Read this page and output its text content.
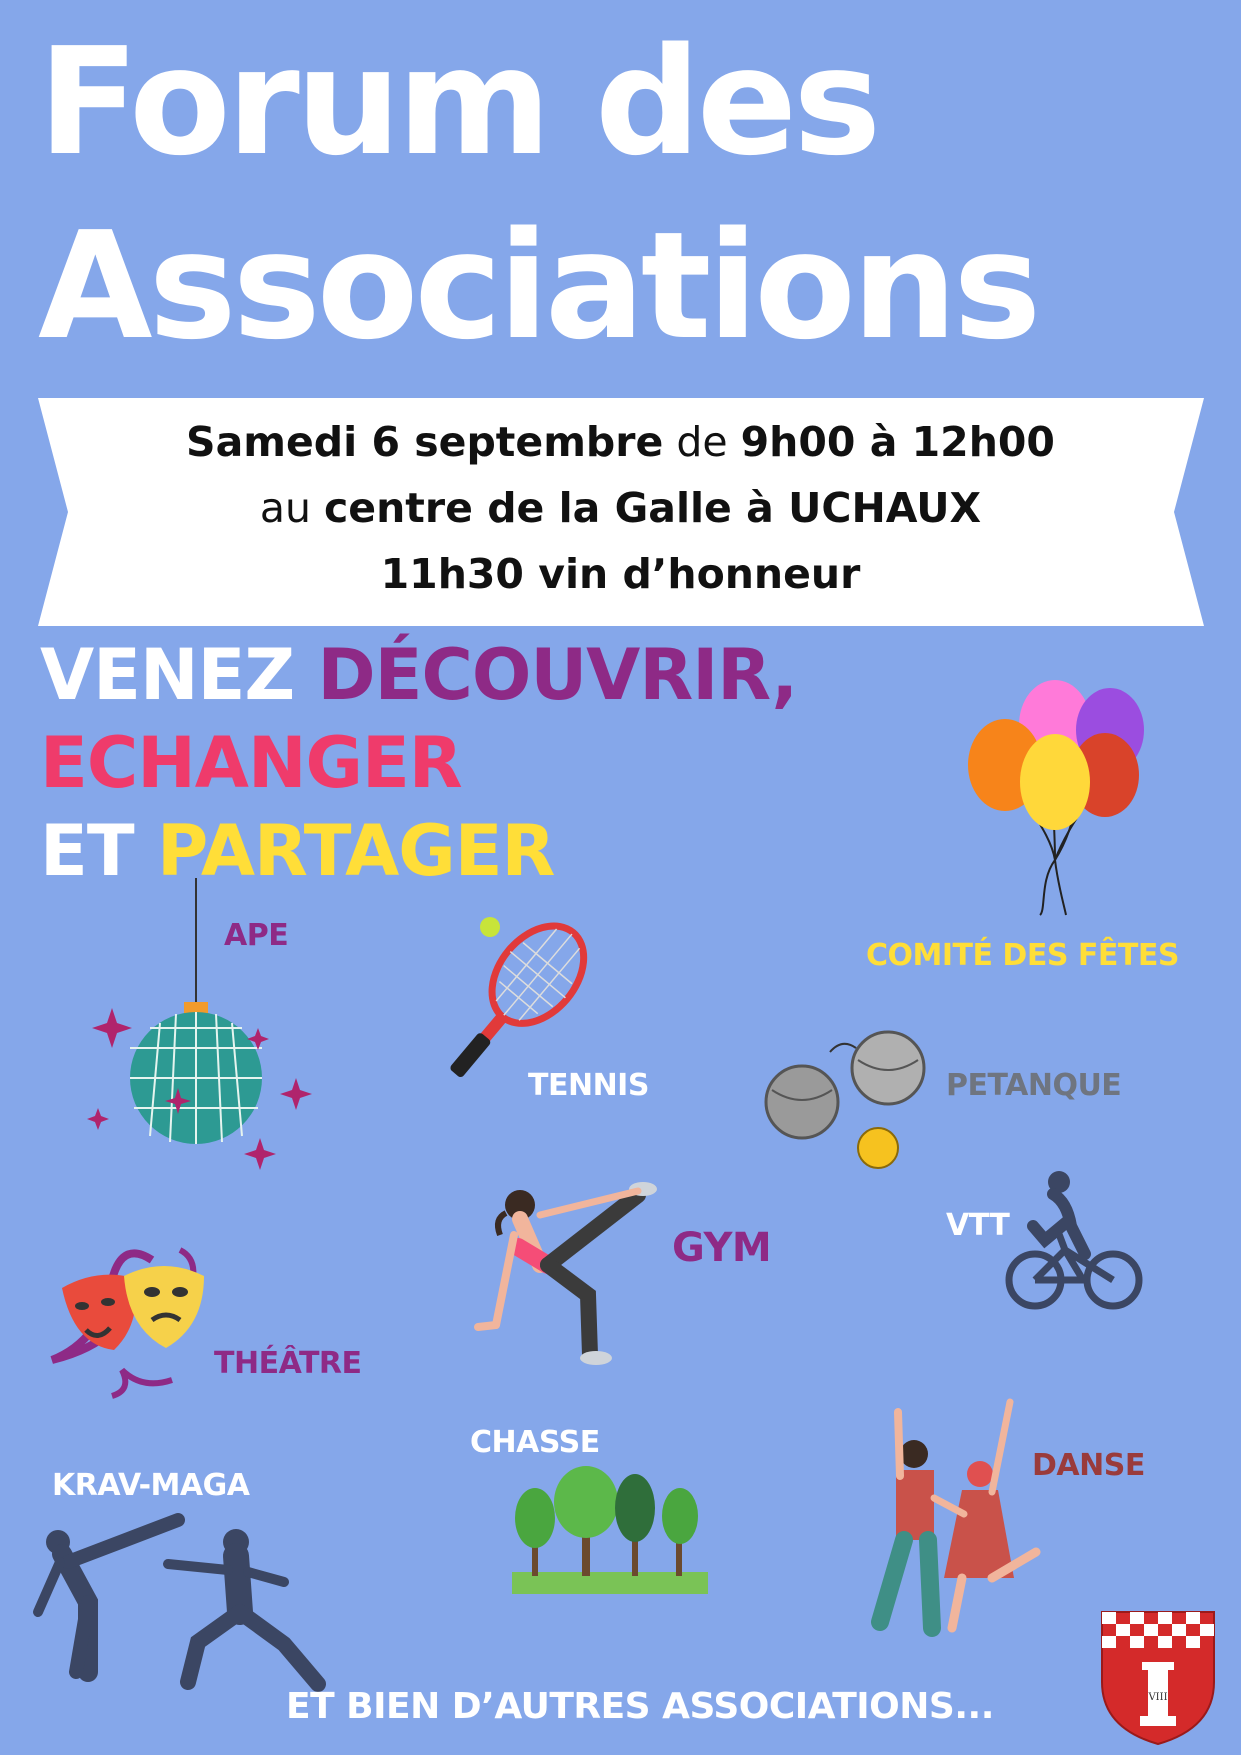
Forum des
Associations
Samedi 6 septembre de 9h00 à 12h00
au centre de la Galle à UCHAUX
11h30 vin d’honneur
VENEZ DÉCOUVRIR,
ECHANGER
ET PARTAGER
APE
TENNIS
COMITÉ DES FÊTES
PETANQUE
GYM	VTT
THÉÂTRE
CHASSE
DANSE
KRAV-MAGA
VIII
ET BIEN D’AUTRES ASSOCIATIONS...
